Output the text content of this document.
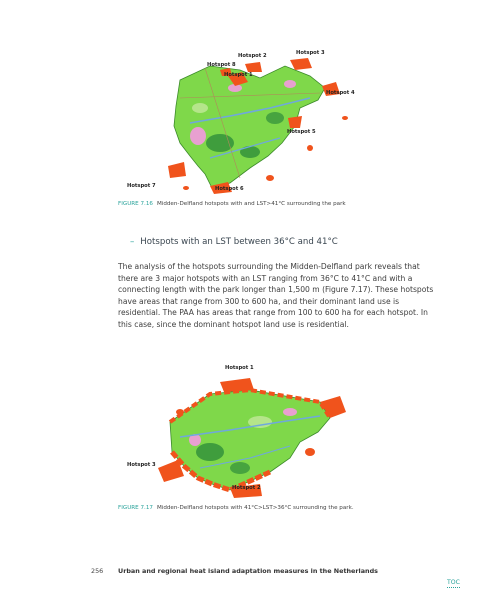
Hotspot 2	Hotspot 3
Hotspot 8
Hotspot 1
Hotspot 4
Hotspot 5
Hotspot 7	Hotspot 6
FIGURE 7.16 Midden-Delfland hotspots with and LST>41°C surrounding the park
– Hotspots with an LST between 36°C and 41°C
The analysis of the hotspots surrounding the Midden-Delfland park reveals that there are 3 major hotspots with an LST ranging from 36°C to 41°C and with a connecting length with the park longer than 1,500 m (Figure 7.17). These hotspots have areas that range from 300 to 600 ha, and their dominant land use is residential. The PAA has areas that range from 100 to 600 ha for each hotspot. In this case, since the dominant hotspot land use is residential.
Hotspot 1
Hotspot 3
Hotspot 2
FIGURE 7.17 Midden-Delfland hotspots with 41°C>LST>36°C surrounding the park.
256 Urban and regional heat island adaptation measures in the Netherlands
TOC
